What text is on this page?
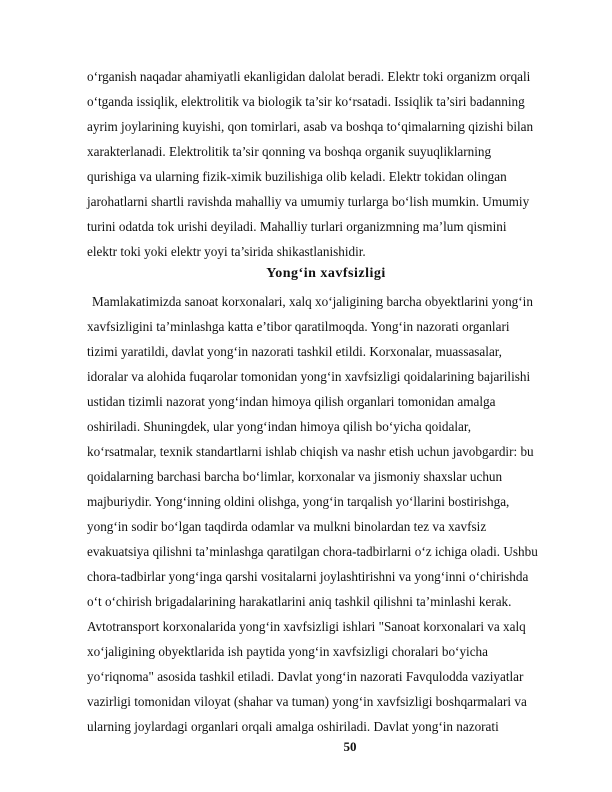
o‘rganish naqadar ahamiyatli ekanligidan dalolat beradi. Elektr toki organizm orqali
o‘tganda issiqlik, elektrolitik va biologik ta’sir ko‘rsatadi. Issiqlik ta’siri badanning
ayrim joylarining kuyishi, qon tomirlari, asab va boshqa to‘qimalarning qizishi bilan
xarakterlanadi. Elektrolitik ta’sir qonning va boshqa organik suyuqliklarning
qurishiga va ularning fizik-ximik buzilishiga olib keladi. Elektr tokidan olingan
jarohatlarni shartli ravishda mahalliy va umumiy turlarga bo‘lish mumkin. Umumiy
turini odatda tok urishi deyiladi. Mahalliy turlari organizmning ma’lum qismini
elektr toki yoki elektr yoyi ta’sirida shikastlanishidir.
Yong‘in xavfsizligi
Mamlakatimizda sanoat korxonalari, xalq xo‘jaligining barcha obyektlarini yong‘in
xavfsizligini ta’minlashga katta e’tibor qaratilmoqda. Yong‘in nazorati organlari
tizimi yaratildi, davlat yong‘in nazorati tashkil etildi. Korxonalar, muassasalar,
idoralar va alohida fuqarolar tomonidan yong‘in xavfsizligi qoidalarining bajarilishi
ustidan tizimli nazorat yong‘indan himoya qilish organlari tomonidan amalga
oshiriladi. Shuningdek, ular yong‘indan himoya qilish bo‘yicha qoidalar,
ko‘rsatmalar, texnik standartlarni ishlab chiqish va nashr etish uchun javobgardir: bu
qoidalarning barchasi barcha bo‘limlar, korxonalar va jismoniy shaxslar uchun
majburiydir. Yong‘inning oldini olishga, yong‘in tarqalish yo‘llarini bostirishga,
yong‘in sodir bo‘lgan taqdirda odamlar va mulkni binolardan tez va xavfsiz
evakuatsiya qilishni ta’minlashga qaratilgan chora-tadbirlarni o‘z ichiga oladi. Ushbu
chora-tadbirlar yong‘inga qarshi vositalarni joylashtirishni va yong‘inni o‘chirishda
o‘t o‘chirish brigadalarining harakatlarini aniq tashkil qilishni ta’minlashi kerak.
Avtotransport korxonalarida yong‘in xavfsizligi ishlari "Sanoat korxonalari va xalq
xo‘jaligining obyektlarida ish paytida yong‘in xavfsizligi choralari bo‘yicha
yo‘riqnoma" asosida tashkil etiladi. Davlat yong‘in nazorati Favqulodda vaziyatlar
vazirligi tomonidan viloyat (shahar va tuman) yong‘in xavfsizligi boshqarmalari va
ularning joylardagi organlari orqali amalga oshiriladi. Davlat yong‘in nazorati
50
